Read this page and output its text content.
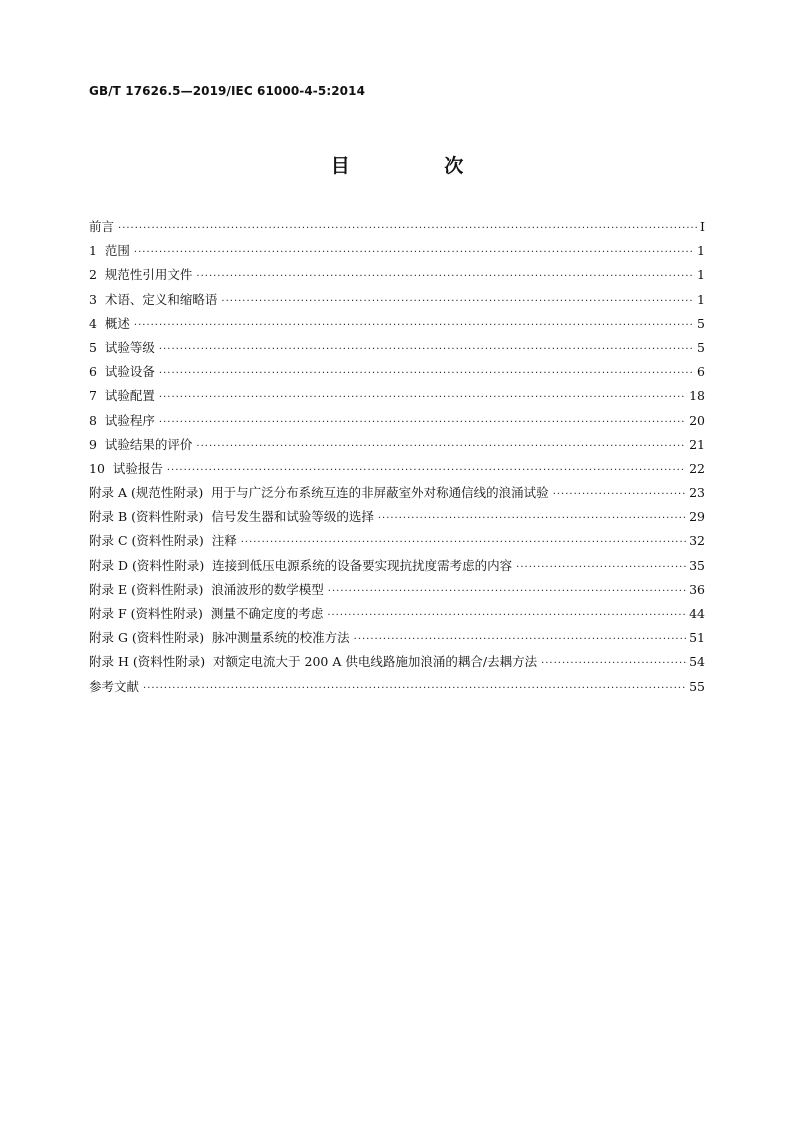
GB/T 17626.5—2019/IEC 61000-4-5:2014
目 次
前言 ·····	Ⅰ
1  范围 ·····	1
2  规范性引用文件 ·····	1
3  术语、定义和缩略语 ·····	1
4  概述 ·····	5
5  试验等级 ·····	5
6  试验设备 ·····	6
7  试验配置 ·····	18
8  试验程序 ·····	20
9  试验结果的评价 ·····	21
10  试验报告 ·····	22
附录 A (规范性附录)  用于与广泛分布系统互连的非屏蔽室外对称通信线的浪涌试验 ·····	23
附录 B (资料性附录)  信号发生器和试验等级的选择 ·····	29
附录 C (资料性附录)  注释 ·····	32
附录 D (资料性附录)  连接到低压电源系统的设备要实现抗扰度需考虑的内容 ·····	35
附录 E (资料性附录)  浪涌波形的数学模型 ·····	36
附录 F (资料性附录)  测量不确定度的考虑 ·····	44
附录 G (资料性附录)  脉冲测量系统的校准方法 ·····	51
附录 H (资料性附录)  对额定电流大于 200 A 供电线路施加浪涌的耦合/去耦方法 ·····	54
参考文献 ·····	55
